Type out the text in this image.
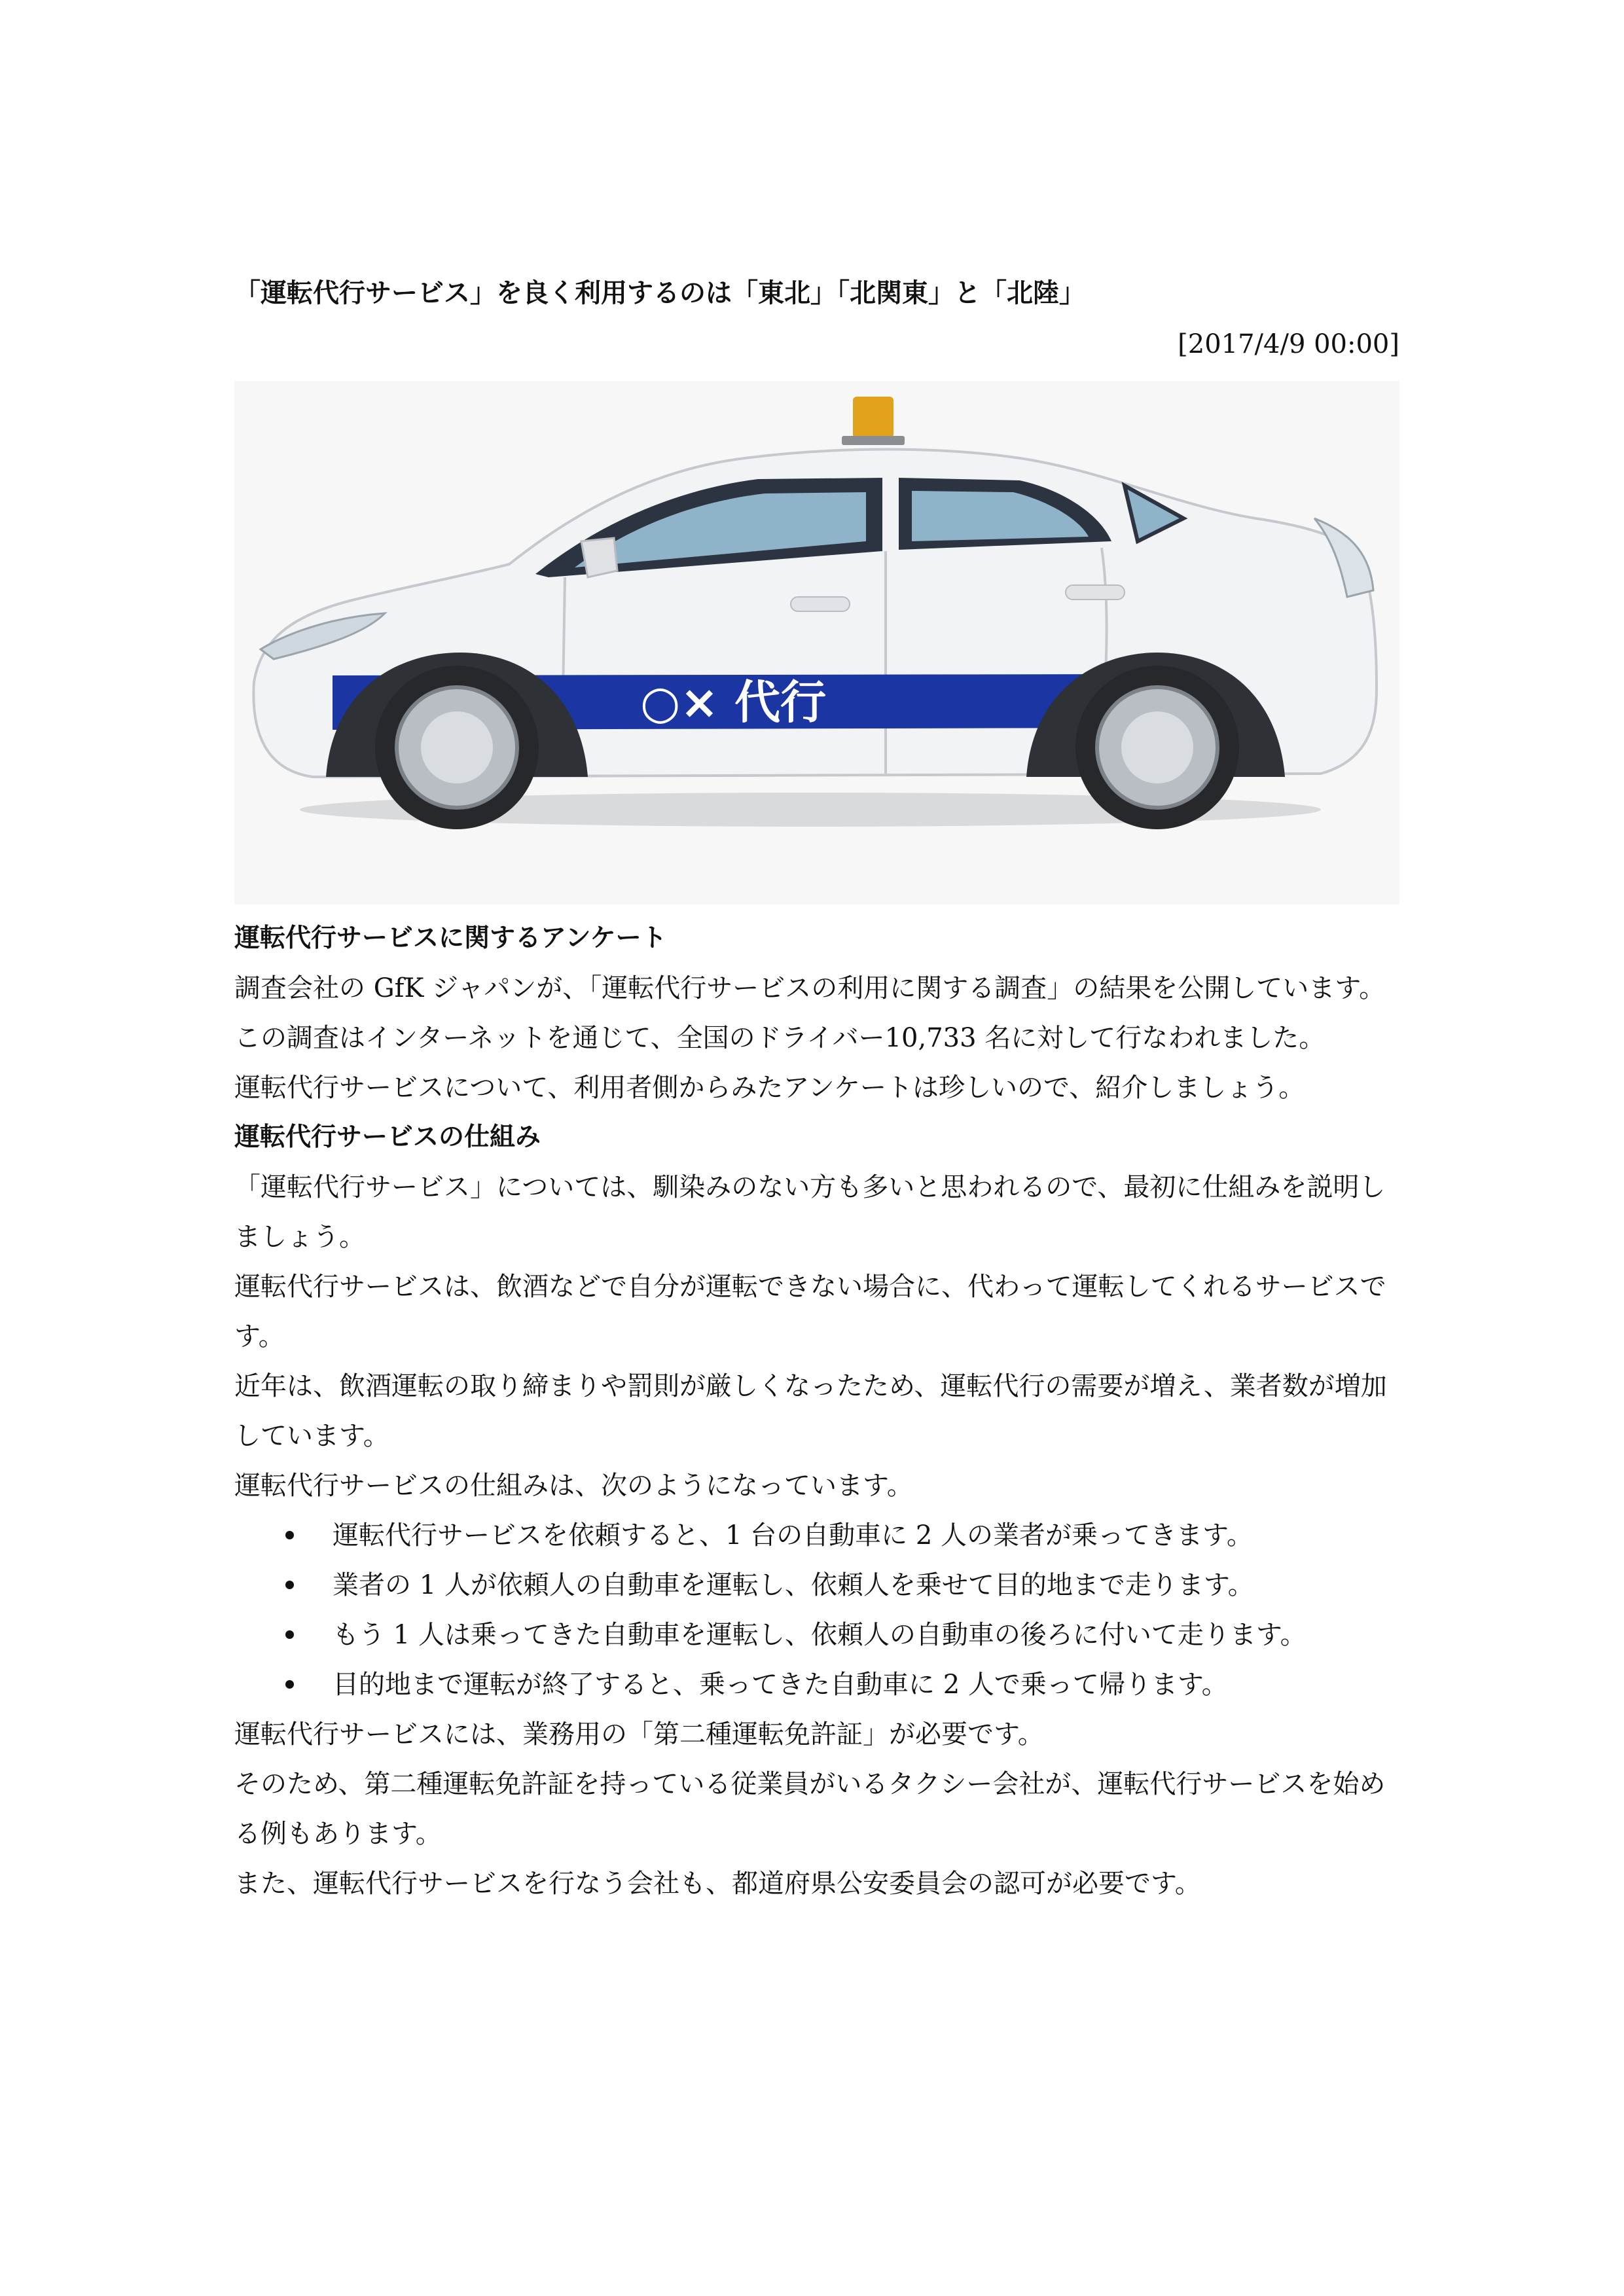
「運転代行サービス」を良く利用するのは「東北」「北関東」と「北陸」
[2017/4/9 00:00]
○× 代行

運転代行サービスに関するアンケート

調査会社の GfK ジャパンが、「運転代行サービスの利用に関する調査」の結果を公開しています。

この調査はインターネットを通じて、全国のドライバー10,733 名に対して行なわれました。

運転代行サービスについて、利用者側からみたアンケートは珍しいので、紹介しましょう。

運転代行サービスの仕組み

「運転代行サービス」については、馴染みのない方も多いと思われるので、最初に仕組みを説明しましょう。

運転代行サービスは、飲酒などで自分が運転できない場合に、代わって運転してくれるサービスです。

近年は、飲酒運転の取り締まりや罰則が厳しくなったため、運転代行の需要が増え、業者数が増加しています。

運転代行サービスの仕組みは、次のようになっています。

運転代行サービスを依頼すると、1 台の自動車に 2 人の業者が乗ってきます。
業者の 1 人が依頼人の自動車を運転し、依頼人を乗せて目的地まで走ります。
もう 1 人は乗ってきた自動車を運転し、依頼人の自動車の後ろに付いて走ります。
目的地まで運転が終了すると、乗ってきた自動車に 2 人で乗って帰ります。

運転代行サービスには、業務用の「第二種運転免許証」が必要です。

そのため、第二種運転免許証を持っている従業員がいるタクシー会社が、運転代行サービスを始める例もあります。

また、運転代行サービスを行なう会社も、都道府県公安委員会の認可が必要です。
